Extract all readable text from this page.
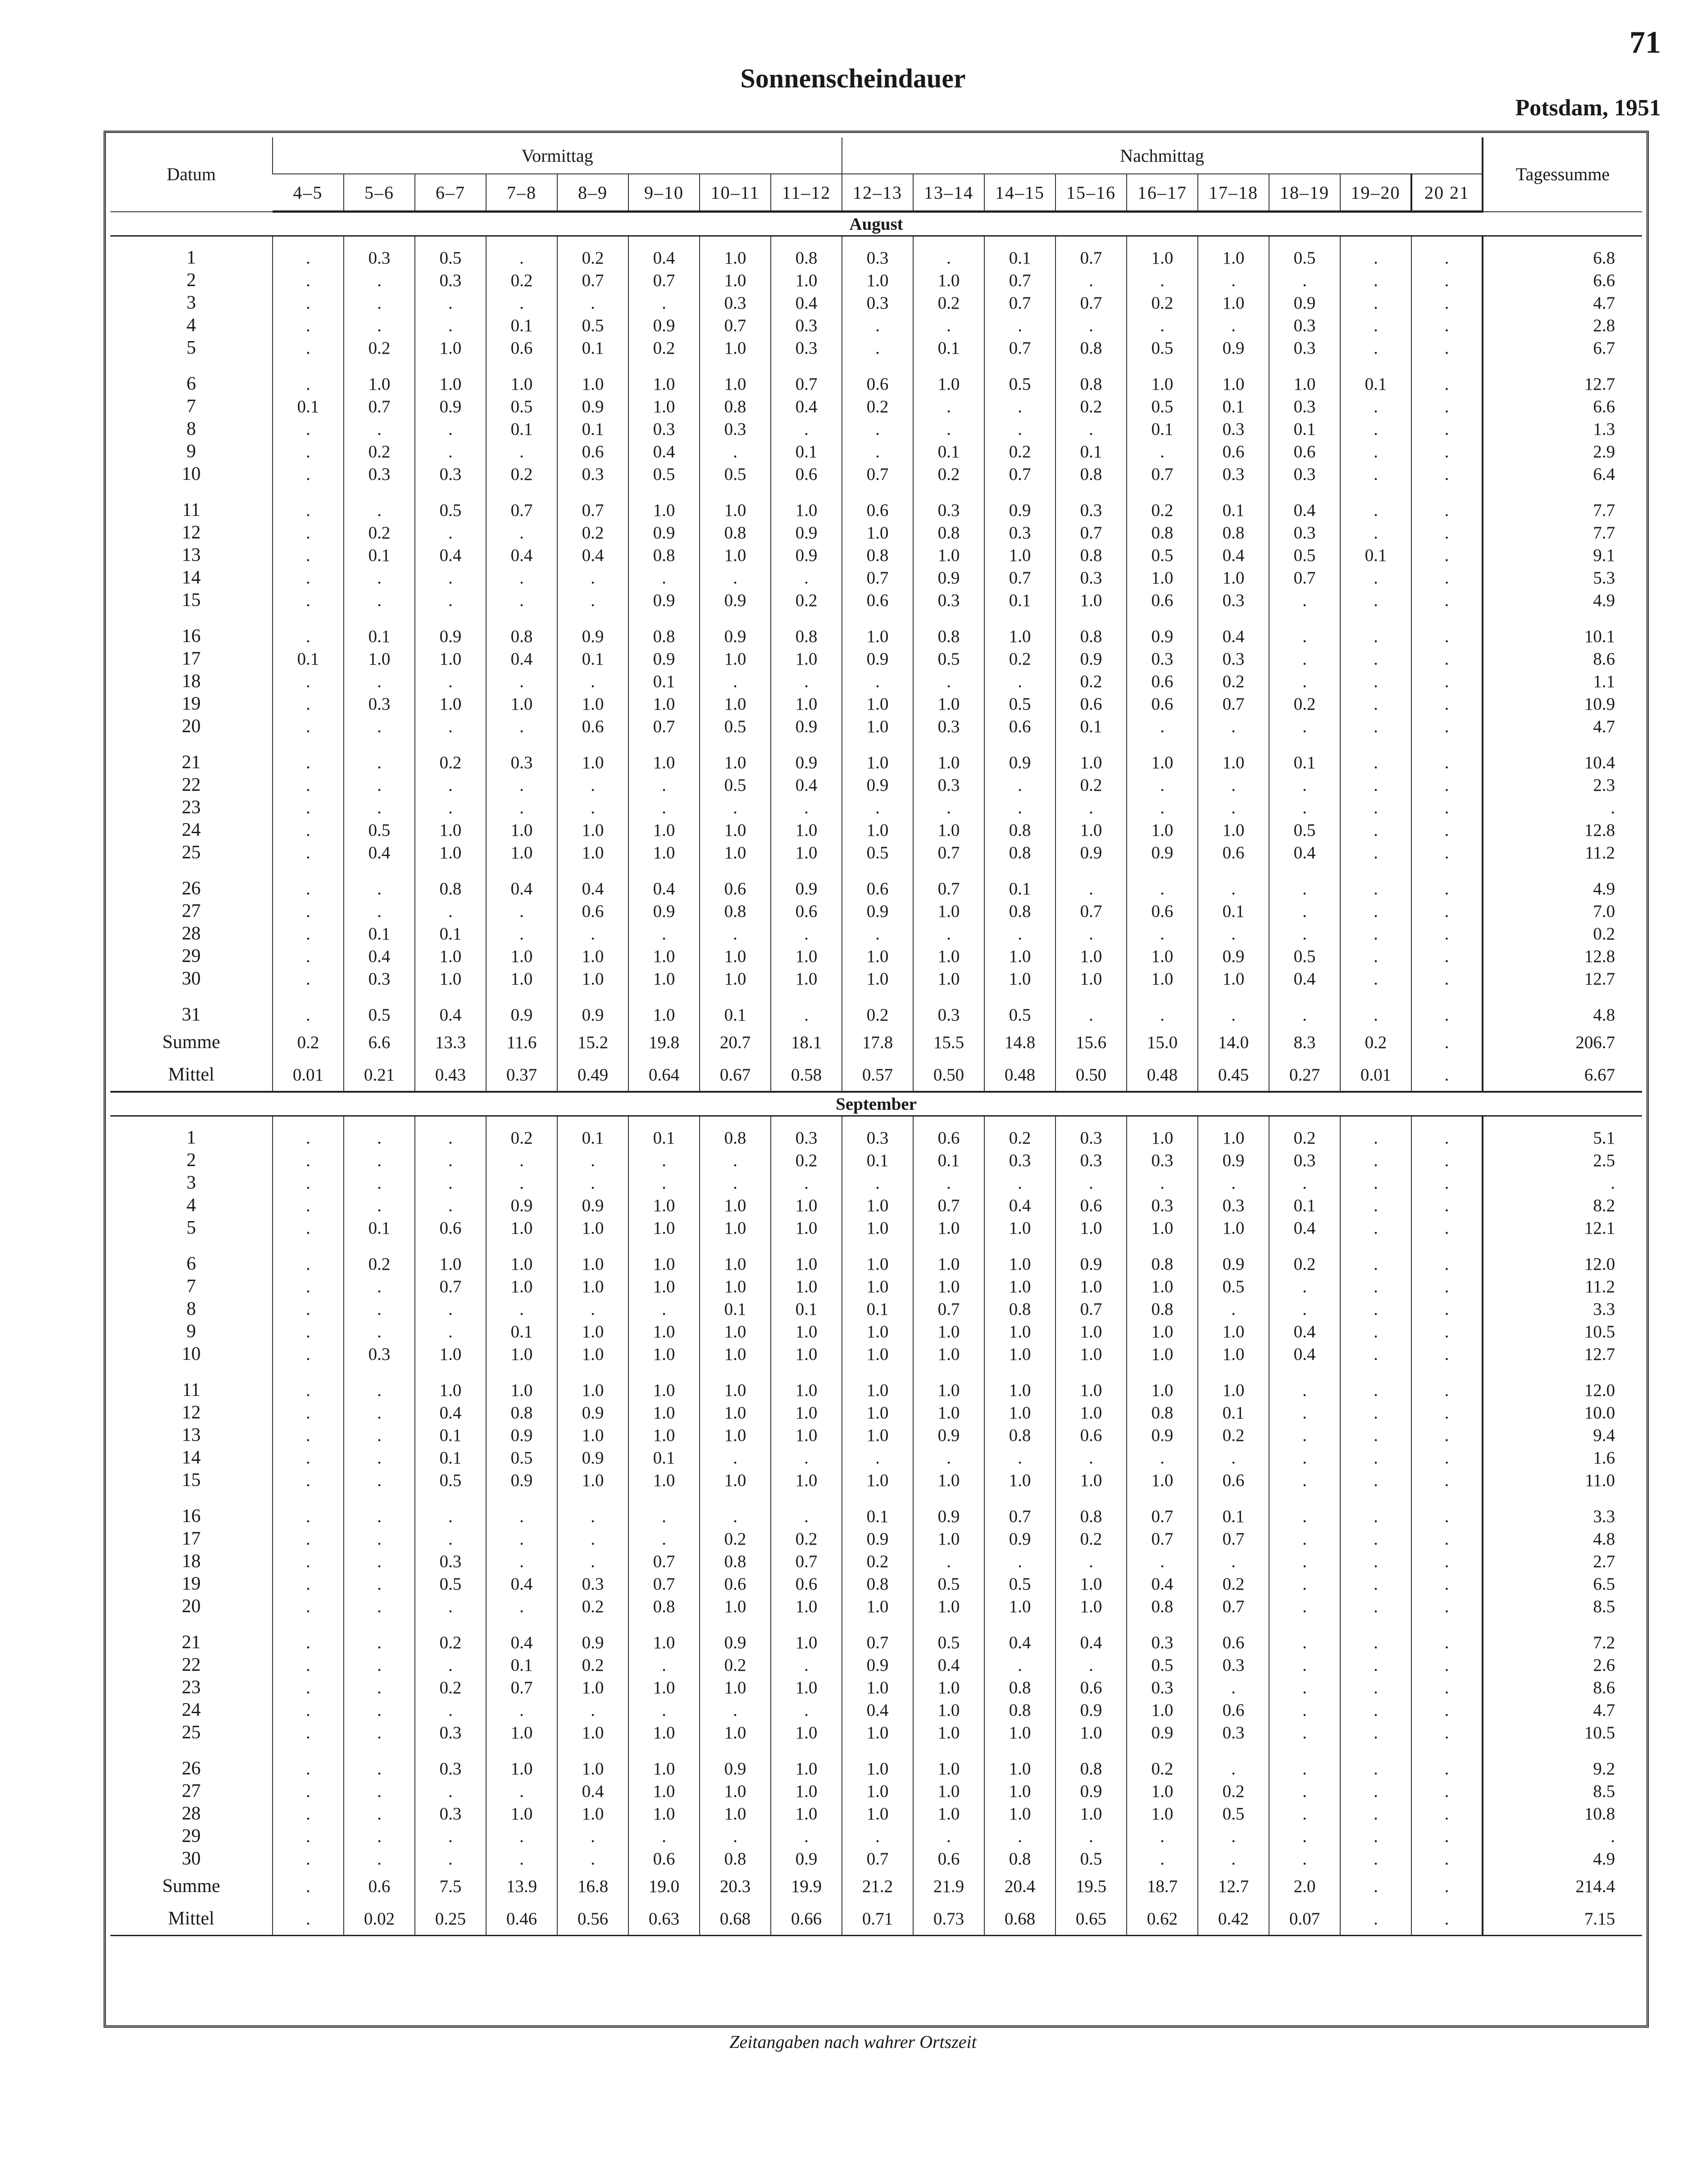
71
Sonnenscheindauer
Potsdam, 1951
Datum	Vormittag								Nachmittag									Tagessumme
	4–5	5–6	6–7	7–8	8–9	9–10	10–11	11–12	12–13	13–14	14–15	15–16	16–17	17–18	18–19	19–20	20 21	
August																		
1	.	0.3	0.5	.	0.2	0.4	1.0	0.8	0.3	.	0.1	0.7	1.0	1.0	0.5	.	.	6.8
2	.	.	0.3	0.2	0.7	0.7	1.0	1.0	1.0	1.0	0.7	.	.	.	.	.	.	6.6
3	.	.	.	.	.	.	0.3	0.4	0.3	0.2	0.7	0.7	0.2	1.0	0.9	.	.	4.7
4	.	.	.	0.1	0.5	0.9	0.7	0.3	.	.	.	.	.	.	0.3	.	.	2.8
5	.	0.2	1.0	0.6	0.1	0.2	1.0	0.3	.	0.1	0.7	0.8	0.5	0.9	0.3	.	.	6.7
6	.	1.0	1.0	1.0	1.0	1.0	1.0	0.7	0.6	1.0	0.5	0.8	1.0	1.0	1.0	0.1	.	12.7
7	0.1	0.7	0.9	0.5	0.9	1.0	0.8	0.4	0.2	.	.	0.2	0.5	0.1	0.3	.	.	6.6
8	.	.	.	0.1	0.1	0.3	0.3	.	.	.	.	.	0.1	0.3	0.1	.	.	1.3
9	.	0.2	.	.	0.6	0.4	.	0.1	.	0.1	0.2	0.1	.	0.6	0.6	.	.	2.9
10	.	0.3	0.3	0.2	0.3	0.5	0.5	0.6	0.7	0.2	0.7	0.8	0.7	0.3	0.3	.	.	6.4
11	.	.	0.5	0.7	0.7	1.0	1.0	1.0	0.6	0.3	0.9	0.3	0.2	0.1	0.4	.	.	7.7
12	.	0.2	.	.	0.2	0.9	0.8	0.9	1.0	0.8	0.3	0.7	0.8	0.8	0.3	.	.	7.7
13	.	0.1	0.4	0.4	0.4	0.8	1.0	0.9	0.8	1.0	1.0	0.8	0.5	0.4	0.5	0.1	.	9.1
14	.	.	.	.	.	.	.	.	0.7	0.9	0.7	0.3	1.0	1.0	0.7	.	.	5.3
15	.	.	.	.	.	0.9	0.9	0.2	0.6	0.3	0.1	1.0	0.6	0.3	.	.	.	4.9
16	.	0.1	0.9	0.8	0.9	0.8	0.9	0.8	1.0	0.8	1.0	0.8	0.9	0.4	.	.	.	10.1
17	0.1	1.0	1.0	0.4	0.1	0.9	1.0	1.0	0.9	0.5	0.2	0.9	0.3	0.3	.	.	.	8.6
18	.	.	.	.	.	0.1	.	.	.	.	.	0.2	0.6	0.2	.	.	.	1.1
19	.	0.3	1.0	1.0	1.0	1.0	1.0	1.0	1.0	1.0	0.5	0.6	0.6	0.7	0.2	.	.	10.9
20	.	.	.	.	0.6	0.7	0.5	0.9	1.0	0.3	0.6	0.1	.	.	.	.	.	4.7
21	.	.	0.2	0.3	1.0	1.0	1.0	0.9	1.0	1.0	0.9	1.0	1.0	1.0	0.1	.	.	10.4
22	.	.	.	.	.	.	0.5	0.4	0.9	0.3	.	0.2	.	.	.	.	.	2.3
23	.	.	.	.	.	.	.	.	.	.	.	.	.	.	.	.	.	.
24	.	0.5	1.0	1.0	1.0	1.0	1.0	1.0	1.0	1.0	0.8	1.0	1.0	1.0	0.5	.	.	12.8
25	.	0.4	1.0	1.0	1.0	1.0	1.0	1.0	0.5	0.7	0.8	0.9	0.9	0.6	0.4	.	.	11.2
26	.	.	0.8	0.4	0.4	0.4	0.6	0.9	0.6	0.7	0.1	.	.	.	.	.	.	4.9
27	.	.	.	.	0.6	0.9	0.8	0.6	0.9	1.0	0.8	0.7	0.6	0.1	.	.	.	7.0
28	.	0.1	0.1	.	.	.	.	.	.	.	.	.	.	.	.	.	.	0.2
29	.	0.4	1.0	1.0	1.0	1.0	1.0	1.0	1.0	1.0	1.0	1.0	1.0	0.9	0.5	.	.	12.8
30	.	0.3	1.0	1.0	1.0	1.0	1.0	1.0	1.0	1.0	1.0	1.0	1.0	1.0	0.4	.	.	12.7
31	.	0.5	0.4	0.9	0.9	1.0	0.1	.	0.2	0.3	0.5	.	.	.	.	.	.	4.8
Summe	0.2	6.6	13.3	11.6	15.2	19.8	20.7	18.1	17.8	15.5	14.8	15.6	15.0	14.0	8.3	0.2	.	206.7
Mittel	0.01	0.21	0.43	0.37	0.49	0.64	0.67	0.58	0.57	0.50	0.48	0.50	0.48	0.45	0.27	0.01	.	6.67
September																		
1	.	.	.	0.2	0.1	0.1	0.8	0.3	0.3	0.6	0.2	0.3	1.0	1.0	0.2	.	.	5.1
2	.	.	.	.	.	.	.	0.2	0.1	0.1	0.3	0.3	0.3	0.9	0.3	.	.	2.5
3	.	.	.	.	.	.	.	.	.	.	.	.	.	.	.	.	.	.
4	.	.	.	0.9	0.9	1.0	1.0	1.0	1.0	0.7	0.4	0.6	0.3	0.3	0.1	.	.	8.2
5	.	0.1	0.6	1.0	1.0	1.0	1.0	1.0	1.0	1.0	1.0	1.0	1.0	1.0	0.4	.	.	12.1
6	.	0.2	1.0	1.0	1.0	1.0	1.0	1.0	1.0	1.0	1.0	0.9	0.8	0.9	0.2	.	.	12.0
7	.	.	0.7	1.0	1.0	1.0	1.0	1.0	1.0	1.0	1.0	1.0	1.0	0.5	.	.	.	11.2
8	.	.	.	.	.	.	0.1	0.1	0.1	0.7	0.8	0.7	0.8	.	.	.	.	3.3
9	.	.	.	0.1	1.0	1.0	1.0	1.0	1.0	1.0	1.0	1.0	1.0	1.0	0.4	.	.	10.5
10	.	0.3	1.0	1.0	1.0	1.0	1.0	1.0	1.0	1.0	1.0	1.0	1.0	1.0	0.4	.	.	12.7
11	.	.	1.0	1.0	1.0	1.0	1.0	1.0	1.0	1.0	1.0	1.0	1.0	1.0	.	.	.	12.0
12	.	.	0.4	0.8	0.9	1.0	1.0	1.0	1.0	1.0	1.0	1.0	0.8	0.1	.	.	.	10.0
13	.	.	0.1	0.9	1.0	1.0	1.0	1.0	1.0	0.9	0.8	0.6	0.9	0.2	.	.	.	9.4
14	.	.	0.1	0.5	0.9	0.1	.	.	.	.	.	.	.	.	.	.	.	1.6
15	.	.	0.5	0.9	1.0	1.0	1.0	1.0	1.0	1.0	1.0	1.0	1.0	0.6	.	.	.	11.0
16	.	.	.	.	.	.	.	.	0.1	0.9	0.7	0.8	0.7	0.1	.	.	.	3.3
17	.	.	.	.	.	.	0.2	0.2	0.9	1.0	0.9	0.2	0.7	0.7	.	.	.	4.8
18	.	.	0.3	.	.	0.7	0.8	0.7	0.2	.	.	.	.	.	.	.	.	2.7
19	.	.	0.5	0.4	0.3	0.7	0.6	0.6	0.8	0.5	0.5	1.0	0.4	0.2	.	.	.	6.5
20	.	.	.	.	0.2	0.8	1.0	1.0	1.0	1.0	1.0	1.0	0.8	0.7	.	.	.	8.5
21	.	.	0.2	0.4	0.9	1.0	0.9	1.0	0.7	0.5	0.4	0.4	0.3	0.6	.	.	.	7.2
22	.	.	.	0.1	0.2	.	0.2	.	0.9	0.4	.	.	0.5	0.3	.	.	.	2.6
23	.	.	0.2	0.7	1.0	1.0	1.0	1.0	1.0	1.0	0.8	0.6	0.3	.	.	.	.	8.6
24	.	.	.	.	.	.	.	.	0.4	1.0	0.8	0.9	1.0	0.6	.	.	.	4.7
25	.	.	0.3	1.0	1.0	1.0	1.0	1.0	1.0	1.0	1.0	1.0	0.9	0.3	.	.	.	10.5
26	.	.	0.3	1.0	1.0	1.0	0.9	1.0	1.0	1.0	1.0	0.8	0.2	.	.	.	.	9.2
27	.	.	.	.	0.4	1.0	1.0	1.0	1.0	1.0	1.0	0.9	1.0	0.2	.	.	.	8.5
28	.	.	0.3	1.0	1.0	1.0	1.0	1.0	1.0	1.0	1.0	1.0	1.0	0.5	.	.	.	10.8
29	.	.	.	.	.	.	.	.	.	.	.	.	.	.	.	.	.	.
30	.	.	.	.	.	0.6	0.8	0.9	0.7	0.6	0.8	0.5	.	.	.	.	.	4.9
Summe	.	0.6	7.5	13.9	16.8	19.0	20.3	19.9	21.2	21.9	20.4	19.5	18.7	12.7	2.0	.	.	214.4
Mittel	.	0.02	0.25	0.46	0.56	0.63	0.68	0.66	0.71	0.73	0.68	0.65	0.62	0.42	0.07	.	.	7.15
Zeitangaben nach wahrer Ortszeit
